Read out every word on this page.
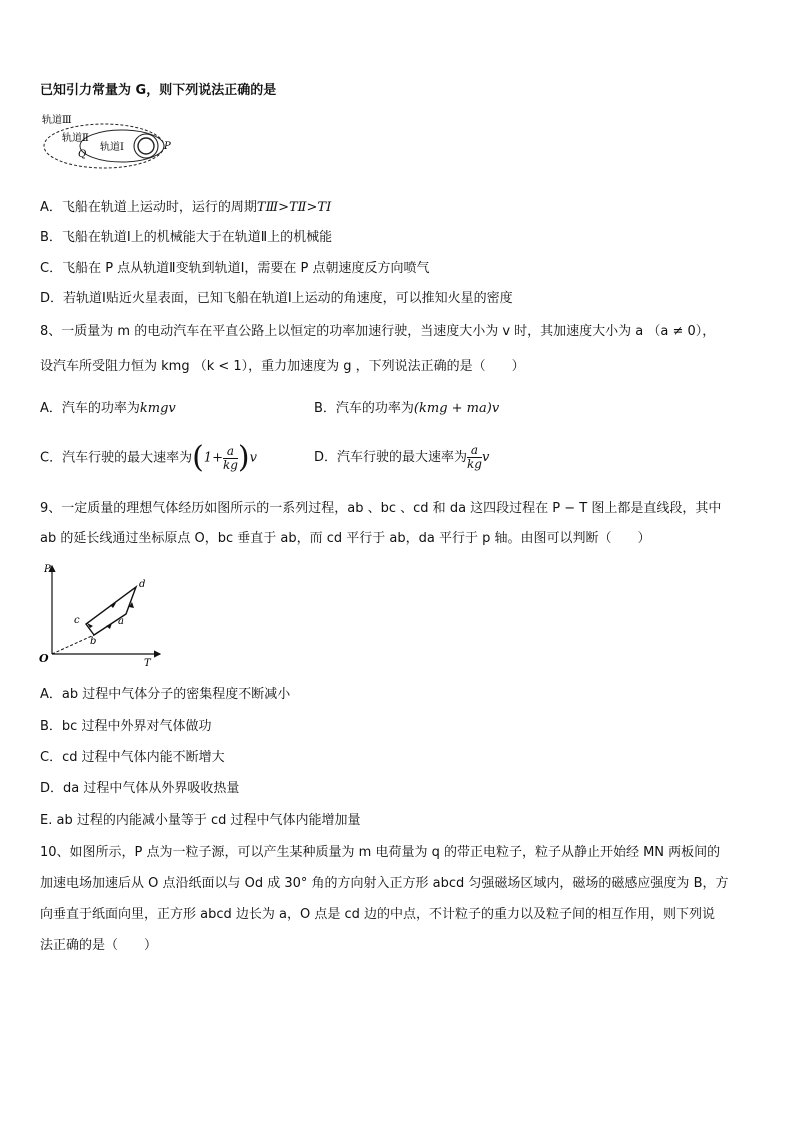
已知引力常量为 G，则下列说法正确的是
轨道Ⅲ
轨道Ⅱ
轨道Ⅰ
Q
P
A．飞船在轨道上运动时，运行的周期TⅢ>TⅡ>TⅠ
B．飞船在轨道Ⅰ上的机械能大于在轨道Ⅱ上的机械能
C．飞船在 P 点从轨道Ⅱ变轨到轨道Ⅰ，需要在 P 点朝速度反方向喷气
D．若轨道Ⅰ贴近火星表面，已知飞船在轨道Ⅰ上运动的角速度，可以推知火星的密度
8、一质量为 m 的电动汽车在平直公路上以恒定的功率加速行驶，当速度大小为 v 时，其加速度大小为 a （a ≠ 0），
设汽车所受阻力恒为 kmg （k < 1），重力加速度为 g ，下列说法正确的是（　　）
A．汽车的功率为kmgv	B．汽车的功率为(kmg + ma)v
C．汽车行驶的最大速率为$(1+ \frac{a}{kg} )v$	D．汽车行驶的最大速率为 $\frac{a}{kg}$ v
9、一定质量的理想气体经历如图所示的一系列过程，ab 、bc 、cd 和 da 这四段过程在 P − T 图上都是直线段，其中
ab 的延长线通过坐标原点 O，bc 垂直于 ab，而 cd 平行于 ab，da 平行于 p 轴。由图可以判断（　　）
P
T
O
a
b
c
d
A．ab 过程中气体分子的密集程度不断减小
B．bc 过程中外界对气体做功
C．cd 过程中气体内能不断增大
D．da 过程中气体从外界吸收热量
E. ab 过程的内能减小量等于 cd 过程中气体内能增加量
10、如图所示，P 点为一粒子源，可以产生某种质量为 m 电荷量为 q 的带正电粒子，粒子从静止开始经 MN 两板间的
加速电场加速后从 O 点沿纸面以与 Od 成 30° 角的方向射入正方形 abcd 匀强磁场区域内，磁场的磁感应强度为 B，方
向垂直于纸面向里，正方形 abcd 边长为 a，O 点是 cd 边的中点，不计粒子的重力以及粒子间的相互作用，则下列说
法正确的是（　　）
